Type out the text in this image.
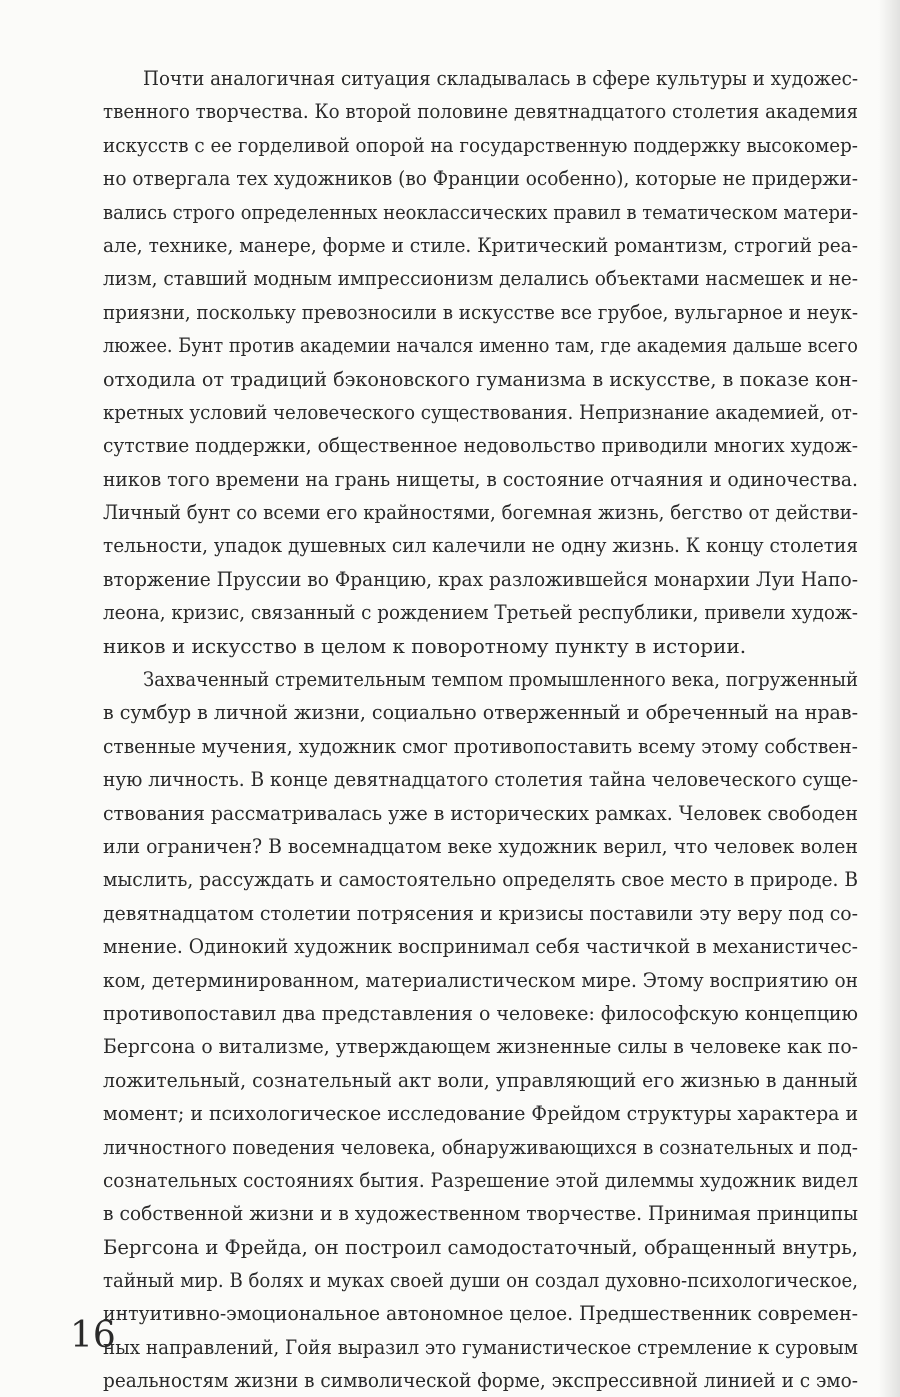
Почти аналогичная ситуация складывалась в сфере культуры и художес-
твенного творчества. Ко второй половине девятнадцатого столетия академия
искусств с ее горделивой опорой на государственную поддержку высокомер-
но отвергала тех художников (во Франции особенно), которые не придержи-
вались строго определенных неоклассических правил в тематическом матери-
але, технике, манере, форме и стиле. Критический романтизм, строгий реа-
лизм, ставший модным импрессионизм делались объектами насмешек и не-
приязни, поскольку превозносили в искусстве все грубое, вульгарное и неук-
люжее. Бунт против академии начался именно там, где академия дальше всего
отходила от традиций бэконовского гуманизма в искусстве, в показе кон-
кретных условий человеческого существования. Непризнание академией, от-
сутствие поддержки, общественное недовольство приводили многих худож-
ников того времени на грань нищеты, в состояние отчаяния и одиночества.
Личный бунт со всеми его крайностями, богемная жизнь, бегство от действи-
тельности, упадок душевных сил калечили не одну жизнь. К концу столетия
вторжение Пруссии во Францию, крах разложившейся монархии Луи Напо-
леона, кризис, связанный с рождением Третьей республики, привели худож-
ников и искусство в целом к поворотному пункту в истории.
Захваченный стремительным темпом промышленного века, погруженный
в сумбур в личной жизни, социально отверженный и обреченный на нрав-
ственные мучения, художник смог противопоставить всему этому собствен-
ную личность. В конце девятнадцатого столетия тайна человеческого суще-
ствования рассматривалась уже в исторических рамках. Человек свободен
или ограничен? В восемнадцатом веке художник верил, что человек волен
мыслить, рассуждать и самостоятельно определять свое место в природе. В
девятнадцатом столетии потрясения и кризисы поставили эту веру под со-
мнение. Одинокий художник воспринимал себя частичкой в механистичес-
ком, детерминированном, материалистическом мире. Этому восприятию он
противопоставил два представления о человеке: философскую концепцию
Бергсона о витализме, утверждающем жизненные силы в человеке как по-
ложительный, сознательный акт воли, управляющий его жизнью в данный
момент; и психологическое исследование Фрейдом структуры характера и
личностного поведения человека, обнаруживающихся в сознательных и под-
сознательных состояниях бытия. Разрешение этой дилеммы художник видел
в собственной жизни и в художественном творчестве. Принимая принципы
Бергсона и Фрейда, он построил самодостаточный, обращенный внутрь,
тайный мир. В болях и муках своей души он создал духовно-психологическое,
интуитивно-эмоциональное автономное целое. Предшественник современ-
ных направлений, Гойя выразил это гуманистическое стремление к суровым
реальностям жизни в символической форме, экспрессивной линией и с эмо-
16
